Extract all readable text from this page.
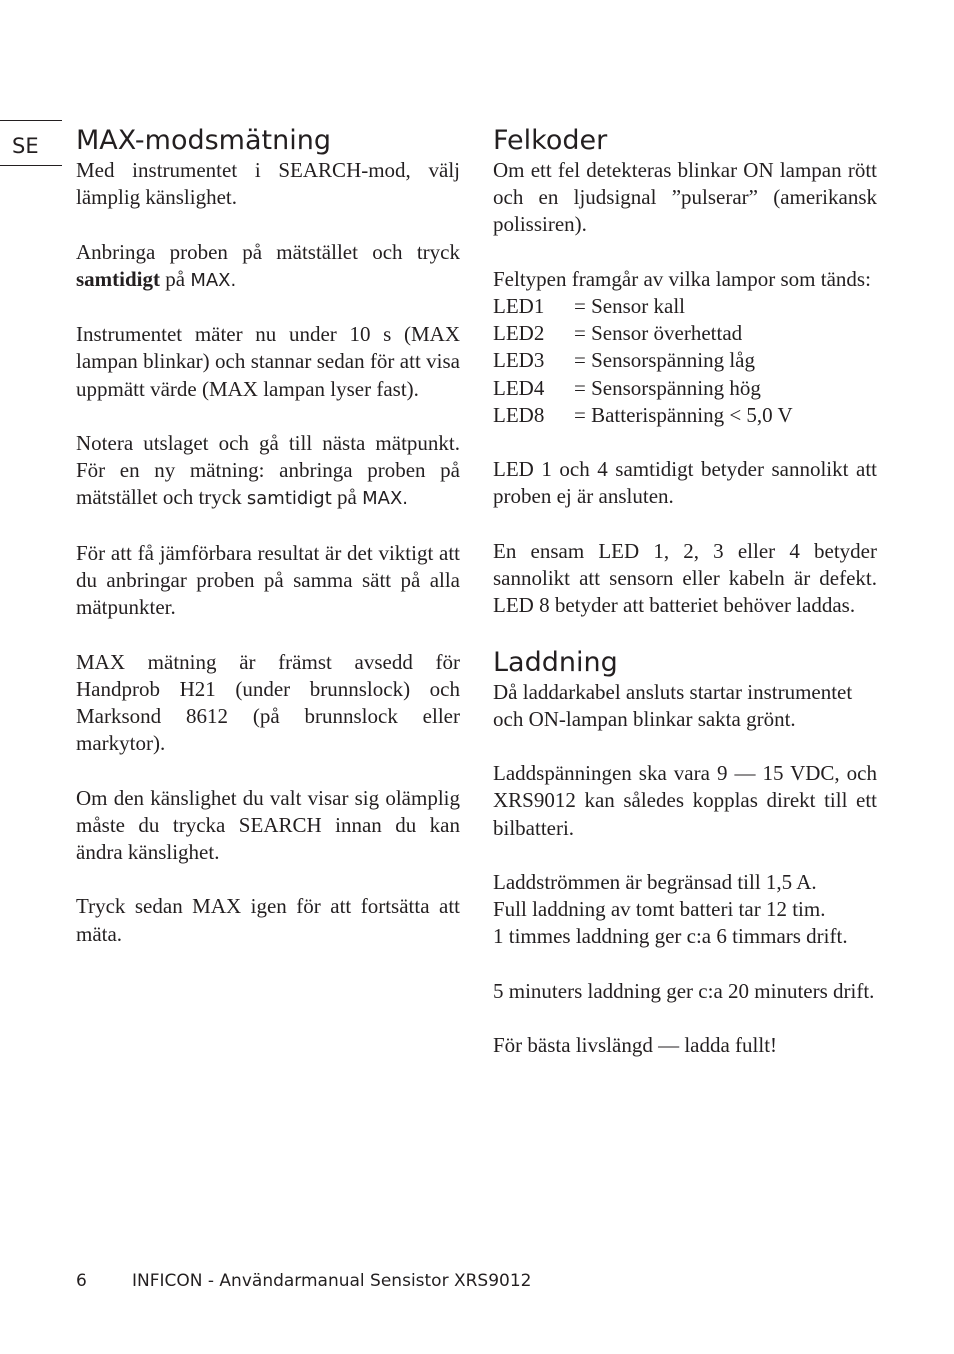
SE MAX-modsmätning

Med instrumentet i SEARCH-mod, välj lämplig känslighet.

Anbringa proben på mätstället och tryck samtidigt på MAX.

Instrumentet mäter nu under 10 s (MAX lampan blinkar) och stannar sedan för att visa uppmätt värde (MAX lampan lyser fast).

Notera utslaget och gå till nästa mätpunkt. För en ny mätning: anbringa proben på mätstället och tryck samtidigt på MAX.

För att få jämförbara resultat är det viktigt att du anbringar proben på samma sätt på alla mätpunkter.

MAX mätning är främst avsedd för Handprob H21 (under brunnslock) och Marksond 8612 (på brunnslock eller markytor).

Om den känslighet du valt visar sig olämplig måste du trycka SEARCH innan du kan ändra känslighet.

Tryck sedan MAX igen för att fortsätta att mäta.

Felkoder

Om ett fel detekteras blinkar ON lampan rött och en ljudsignal ”pulserar” (amerikansk polissiren).

Feltypen framgår av vilka lampor som tänds:

LED1 = Sensor kall
LED2 = Sensor överhettad
LED3 = Sensorspänning låg
LED4 = Sensorspänning hög
LED8 = Batterispänning < 5,0 V

LED 1 och 4 samtidigt betyder sannolikt att proben ej är ansluten.

En ensam LED 1, 2, 3 eller 4 betyder sannolikt att sensorn eller kabeln är defekt. LED 8 betyder att batteriet behöver laddas.

Laddning

Då laddarkabel ansluts startar instrumentet och ON-lampan blinkar sakta grönt.

Laddspänningen ska vara 9 — 15 VDC, och XRS9012 kan således kopplas direkt till ett bilbatteri.

Laddströmmen är begränsad till 1,5 A.
Full laddning av tomt batteri tar 12 tim.
1 timmes laddning ger c:a 6 timmars drift.

5 minuters laddning ger c:a 20 minuters drift.

För bästa livslängd — ladda fullt!

6	INFICON - Användarmanual Sensistor XRS9012
